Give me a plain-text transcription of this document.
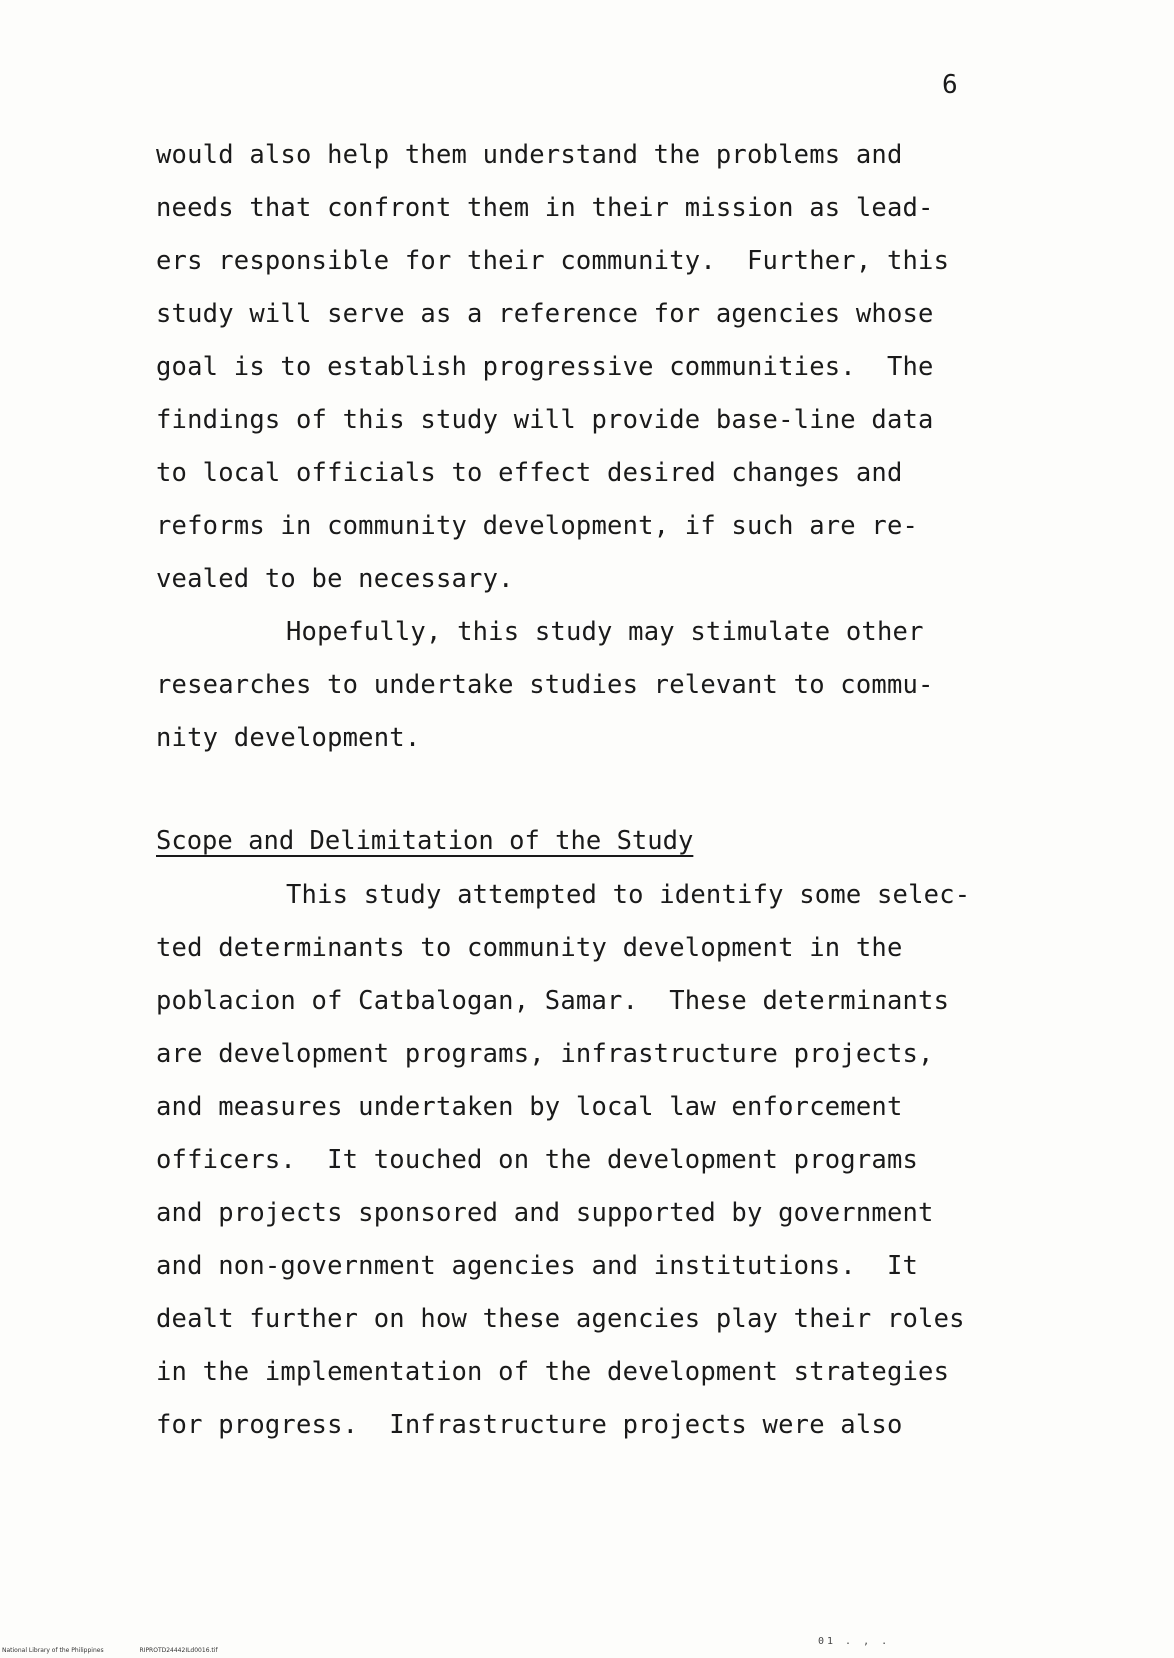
6
would also help them understand the problems and
needs that confront them in their mission as lead-
ers responsible for their community.  Further, this
study will serve as a reference for agencies whose
goal is to establish progressive communities.  The
findings of this study will provide base-line data
to local officials to effect desired changes and
reforms in community development, if such are re-
vealed to be necessary.
Hopefully, this study may stimulate other
researches to undertake studies relevant to commu-
nity development.
Scope and Delimitation of the Study
This study attempted to identify some selec-
ted determinants to community development in the
poblacion of Catbalogan, Samar.  These determinants
are development programs, infrastructure projects,
and measures undertaken by local law enforcement
officers.  It touched on the development programs
and projects sponsored and supported by government
and non-government agencies and institutions.  It
dealt further on how these agencies play their roles
in the implementation of the development strategies
for progress.  Infrastructure projects were also
National Library of the Philippines	RIPROTD24442ILd0016.tif
01 . , .
